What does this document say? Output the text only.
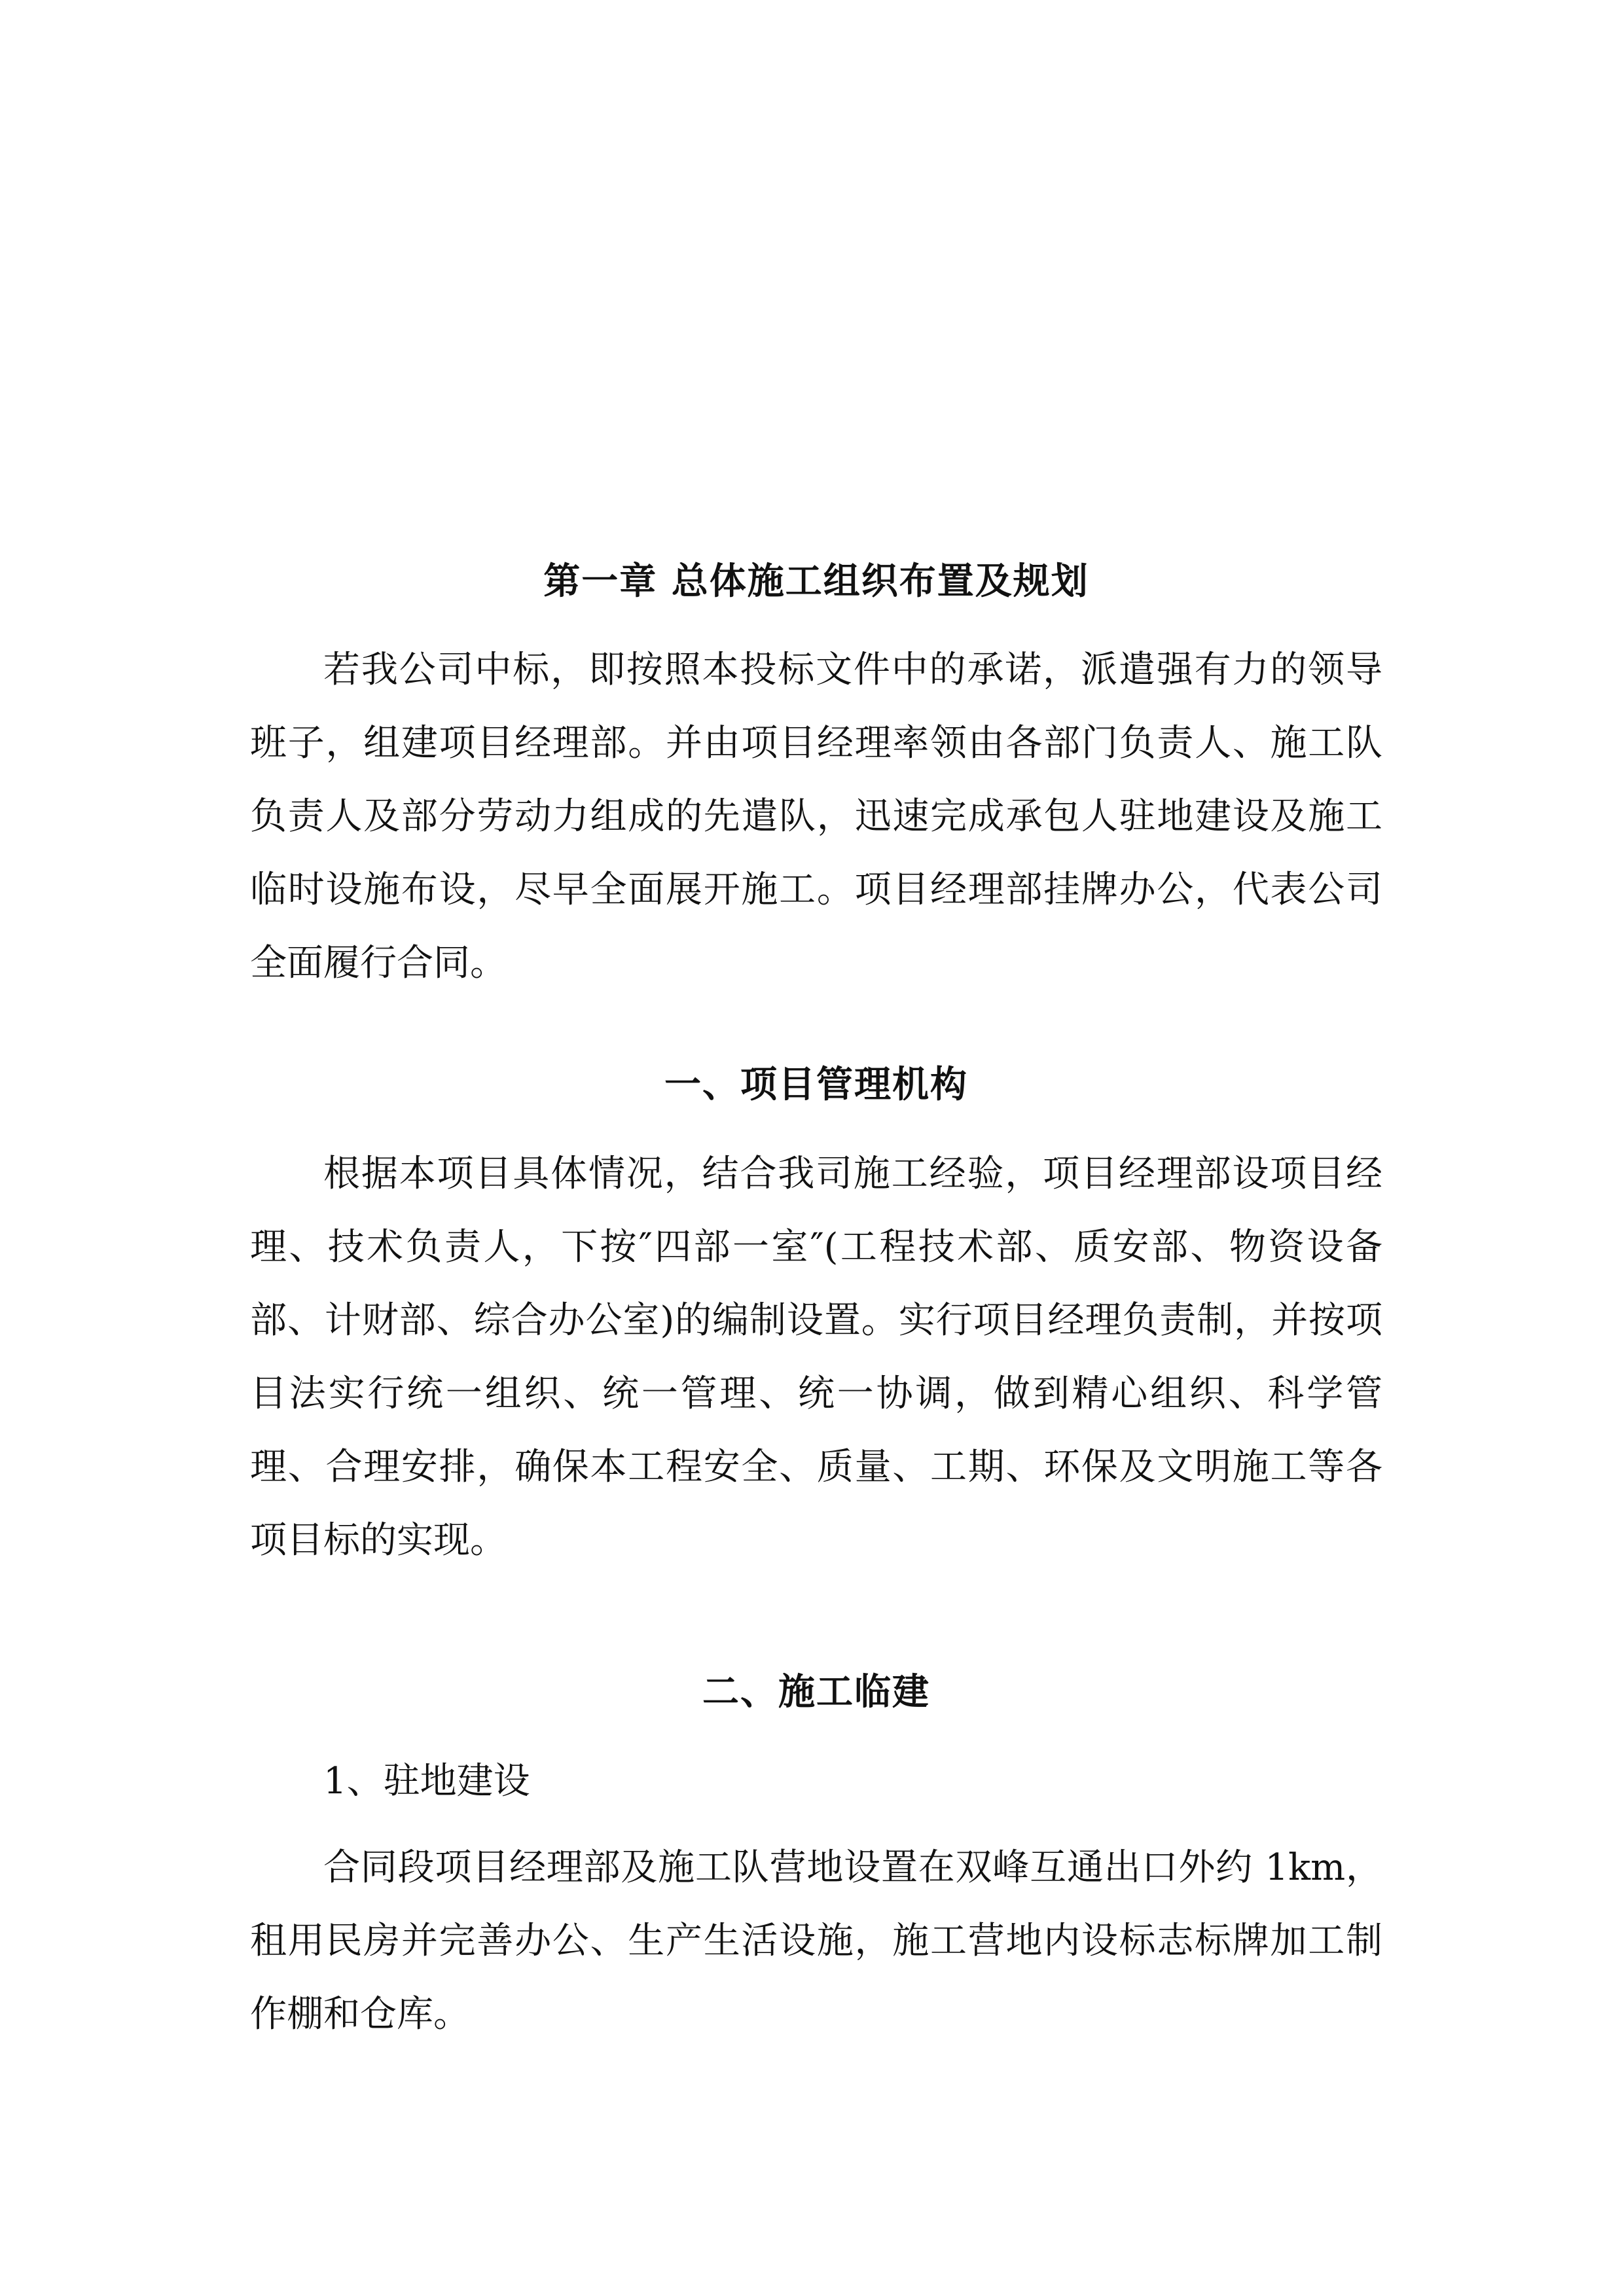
第一章 总体施工组织布置及规划

若我公司中标，即按照本投标文件中的承诺，派遣强有力的领导班子，组建项目经理部。并由项目经理率领由各部门负责人、施工队负责人及部分劳动力组成的先遣队，迅速完成承包人驻地建设及施工临时设施布设，尽早全面展开施工。项目经理部挂牌办公，代表公司全面履行合同。

一、项目管理机构

根据本项目具体情况，结合我司施工经验，项目经理部设项目经理、技术负责人，下按″四部一室″(工程技术部、质安部、物资设备部、计财部、综合办公室)的编制设置。实行项目经理负责制，并按项目法实行统一组织、统一管理、统一协调，做到精心组织、科学管理、合理安排，确保本工程安全、质量、工期、环保及文明施工等各项目标的实现。

二、施工临建

1、驻地建设

合同段项目经理部及施工队营地设置在双峰互通出口外约 1km，租用民房并完善办公、生产生活设施，施工营地内设标志标牌加工制作棚和仓库。
